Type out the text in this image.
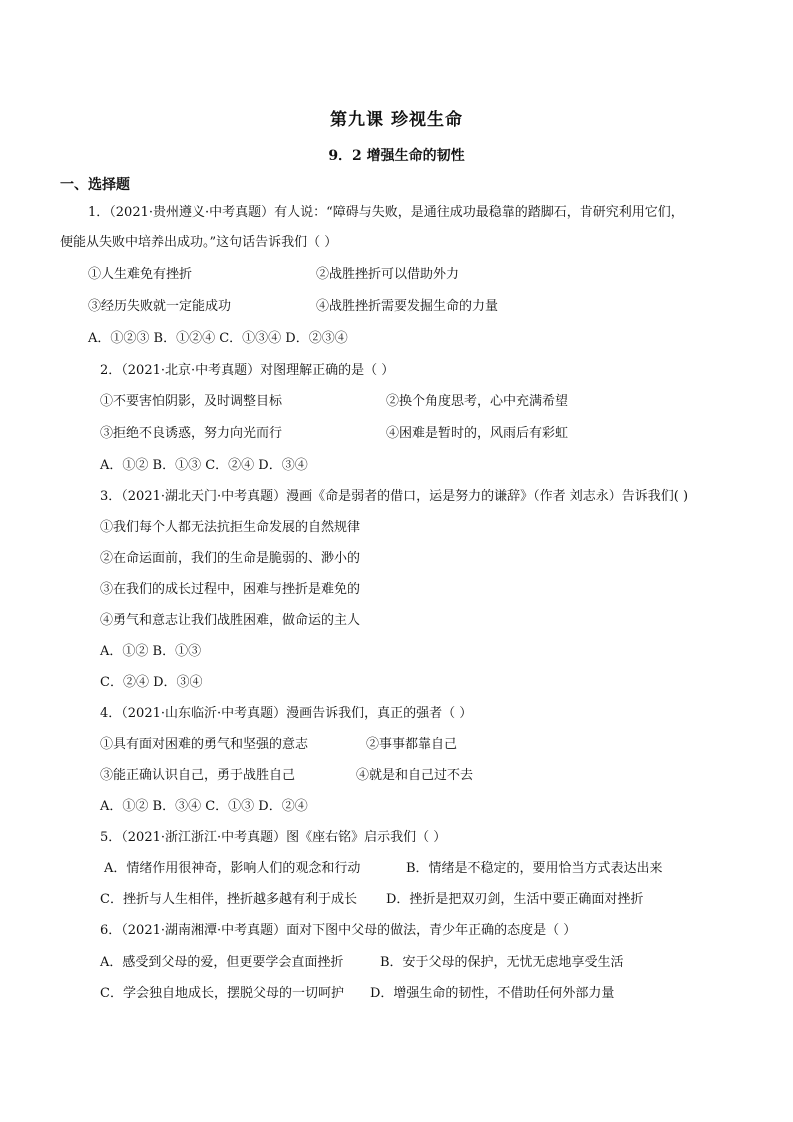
第九课 珍视生命
9．2 增强生命的韧性
一、选择题
1．（2021·贵州遵义·中考真题）有人说：“障碍与失败，是通往成功最稳靠的踏脚石，肯研究利用它们，
便能从失败中培养出成功。”这句话告诉我们（ ）
①人生难免有挫折	②战胜挫折可以借助外力
③经历失败就一定能成功	④战胜挫折需要发掘生命的力量
A．①②③ B．①②④ C．①③④ D．②③④
2．（2021·北京·中考真题）对图理解正确的是（ ）
①不要害怕阴影，及时调整目标	②换个角度思考，心中充满希望
③拒绝不良诱惑，努力向光而行	④困难是暂时的，风雨后有彩虹
A．①② B．①③ C．②④ D．③④
3．（2021·湖北天门·中考真题）漫画《命是弱者的借口，运是努力的谦辞》（作者 刘志永）告诉我们( )
①我们每个人都无法抗拒生命发展的自然规律
②在命运面前，我们的生命是脆弱的、渺小的
③在我们的成长过程中，困难与挫折是难免的
④勇气和意志让我们战胜困难，做命运的主人
A．①② B．①③
C．②④ D．③④
4．（2021·山东临沂·中考真题）漫画告诉我们，真正的强者（ ）
①具有面对困难的勇气和坚强的意志	②事事都靠自己
③能正确认识自己，勇于战胜自己	④就是和自己过不去
A．①② B．③④ C．①③ D．②④
5．（2021·浙江浙江·中考真题）图《座右铭》启示我们（ ）
A．情绪作用很神奇，影响人们的观念和行动	B．情绪是不稳定的，要用恰当方式表达出来
C．挫折与人生相伴，挫折越多越有利于成长 D．挫折是把双刃剑，生活中要正确面对挫折
6．（2021·湖南湘潭·中考真题）面对下图中父母的做法，青少年正确的态度是（ ）
A．感受到父母的爱，但更要学会直面挫折	B．安于父母的保护，无忧无虑地享受生活
C．学会独自地成长，摆脱父母的一切呵护 D．增强生命的韧性，不借助任何外部力量
